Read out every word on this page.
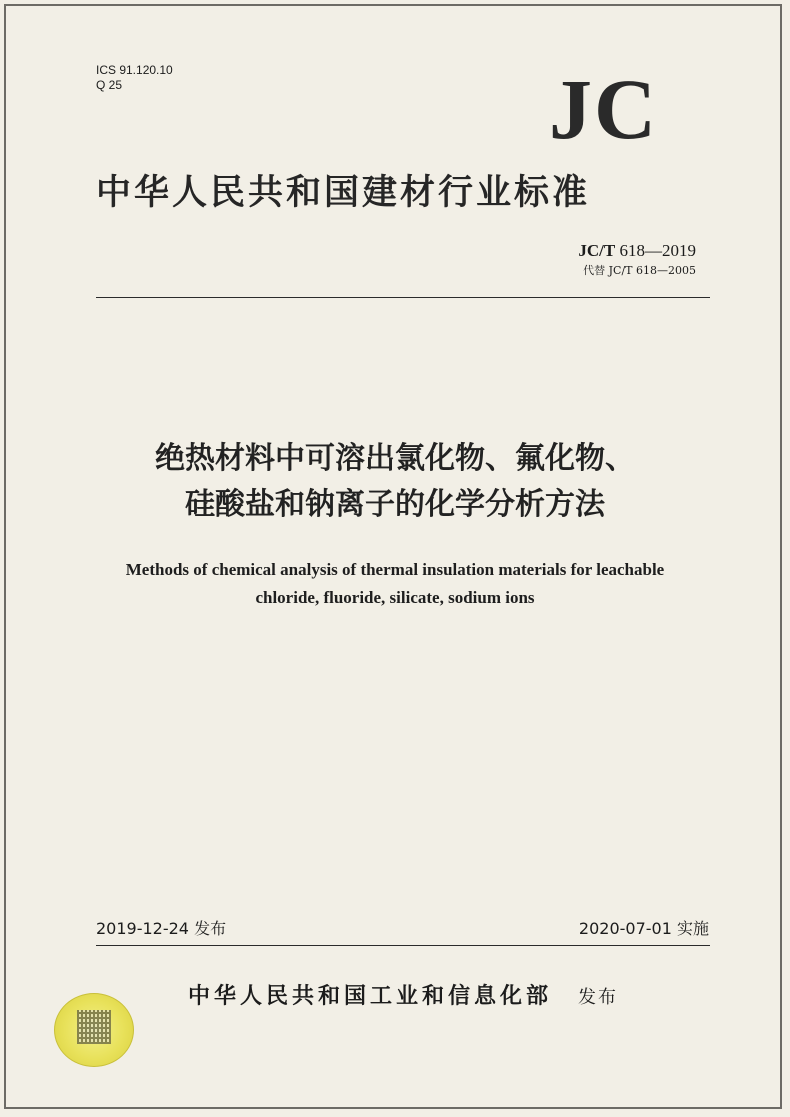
ICS 91.120.10
Q 25	JC
中华人民共和国建材行业标准
JC/T 618—2019
代替 JC/T 618—2005
绝热材料中可溶出氯化物、氟化物、
硅酸盐和钠离子的化学分析方法
Methods of chemical analysis of thermal insulation materials for leachable
chloride, fluoride, silicate, sodium ions
2019-12-24 发布	2020-07-01 实施
中华人民共和国工业和信息化部 发布
